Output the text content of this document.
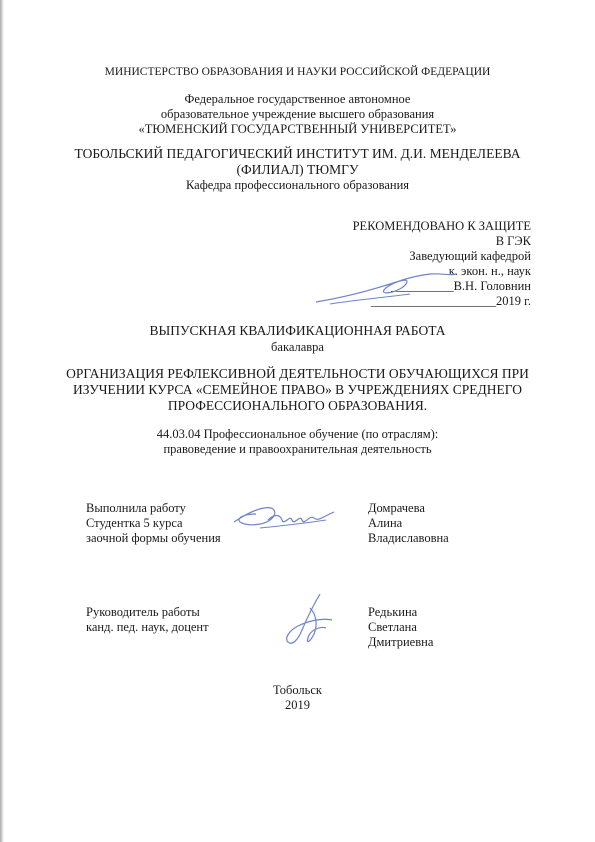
МИНИСТЕРСТВО ОБРАЗОВАНИЯ И НАУКИ РОССИЙСКОЙ ФЕДЕРАЦИИ
Федеральное государственное автономное
образовательное учреждение высшего образования
«ТЮМЕНСКИЙ ГОСУДАРСТВЕННЫЙ УНИВЕРСИТЕТ»
ТОБОЛЬСКИЙ ПЕДАГОГИЧЕСКИЙ ИНСТИТУТ ИМ. Д.И. МЕНДЕЛЕЕВА
(ФИЛИАЛ) ТЮМГУ
Кафедра профессионального образования
РЕКОМЕНДОВАНО К ЗАЩИТЕ
В ГЭК
Заведующий кафедрой
к. экон. н., наук
__________В.Н. Головнин
____________________2019 г.
ВЫПУСКНАЯ КВАЛИФИКАЦИОННАЯ РАБОТА
бакалавра
ОРГАНИЗАЦИЯ РЕФЛЕКСИВНОЙ ДЕЯТЕЛЬНОСТИ ОБУЧАЮЩИХСЯ ПРИ
ИЗУЧЕНИИ КУРСА «СЕМЕЙНОЕ ПРАВО» В УЧРЕЖДЕНИЯХ СРЕДНЕГО
ПРОФЕССИОНАЛЬНОГО ОБРАЗОВАНИЯ.
44.03.04 Профессиональное обучение (по отраслям):
правоведение и правоохранительная деятельность
Выполнила работу
Студентка 5 курса
заочной формы обучения
Домрачева
Алина
Владиславовна
Руководитель работы
канд. пед. наук, доцент
Редькина
Светлана
Дмитриевна
Тобольск
2019
